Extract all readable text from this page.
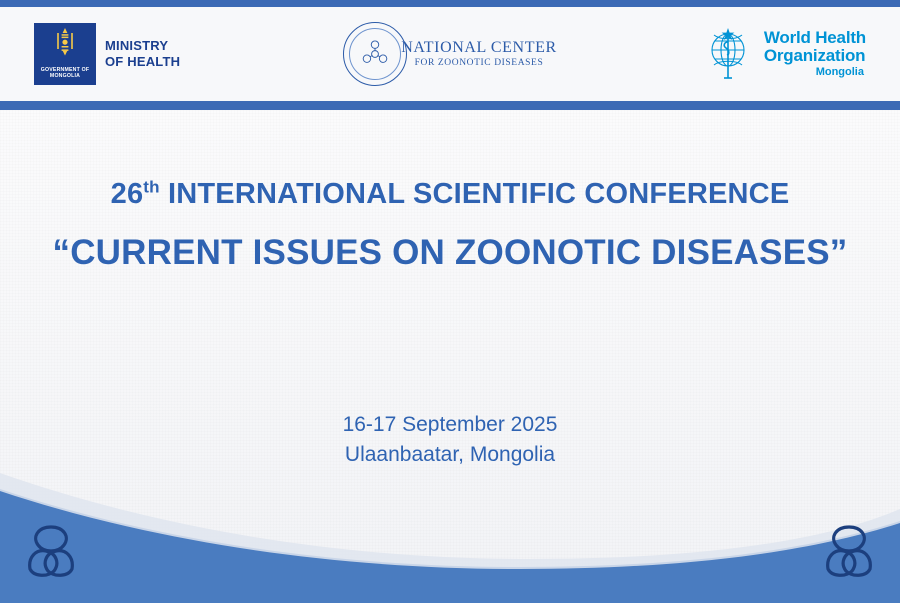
GOVERNMENT OF MONGOLIA
MINISTRY
OF HEALTH
NATIONAL CENTER
FOR ZOONOTIC DISEASES
World Health
Organization
Mongolia
26th INTERNATIONAL SCIENTIFIC CONFERENCE
“CURRENT ISSUES ON ZOONOTIC DISEASES”
16-17 September 2025
Ulaanbaatar, Mongolia
